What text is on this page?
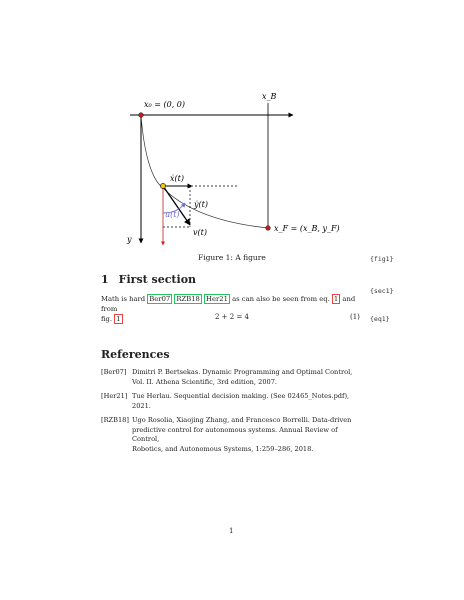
x₀ = (0, 0)
x_B
y
ẋ(t)
ẏ(t)
u(t)
v(t)	x_F = (x_B, y_F)
Figure 1: A figure	{fig1}
1 First section
{sec1}
Math is hard Ber07 RZB18 Her21 as can also be seen from eq. 1 and from
fig. 1	2 + 2 = 4	(1) {eq1}
References
[Ber07] Dimitri P. Bertsekas. Dynamic Programming and Optimal Control,
Vol. II. Athena Scientific, 3rd edition, 2007.
[Her21] Tue Herlau. Sequential decision making. (See 02465_Notes.pdf),
2021.
[RZB18] Ugo Rosolia, Xiaojing Zhang, and Francesco Borrelli. Data-driven
predictive control for autonomous systems. Annual Review of Control,
Robotics, and Autonomous Systems, 1:259–286, 2018.
1
